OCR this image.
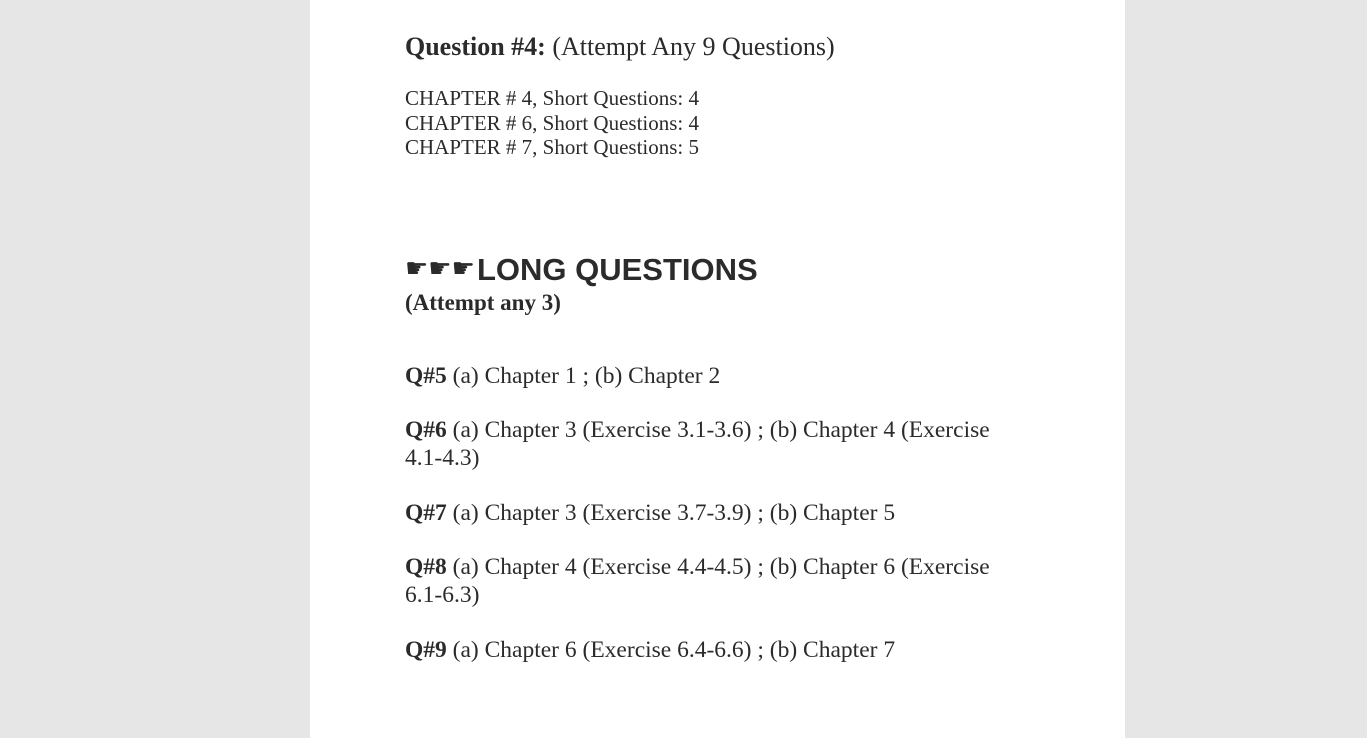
Question #4: (Attempt Any 9 Questions)
CHAPTER # 4, Short Questions: 4
CHAPTER # 6, Short Questions: 4
CHAPTER # 7, Short Questions: 5
☛☛☛LONG QUESTIONS
(Attempt any 3)
Q#5 (a) Chapter 1 ; (b) Chapter 2
Q#6 (a) Chapter 3 (Exercise 3.1-3.6) ; (b) Chapter 4 (Exercise 4.1-4.3)
Q#7 (a) Chapter 3 (Exercise 3.7-3.9) ; (b) Chapter 5
Q#8 (a) Chapter 4 (Exercise 4.4-4.5) ; (b) Chapter 6 (Exercise 6.1-6.3)
Q#9 (a) Chapter 6 (Exercise 6.4-6.6) ; (b) Chapter 7
